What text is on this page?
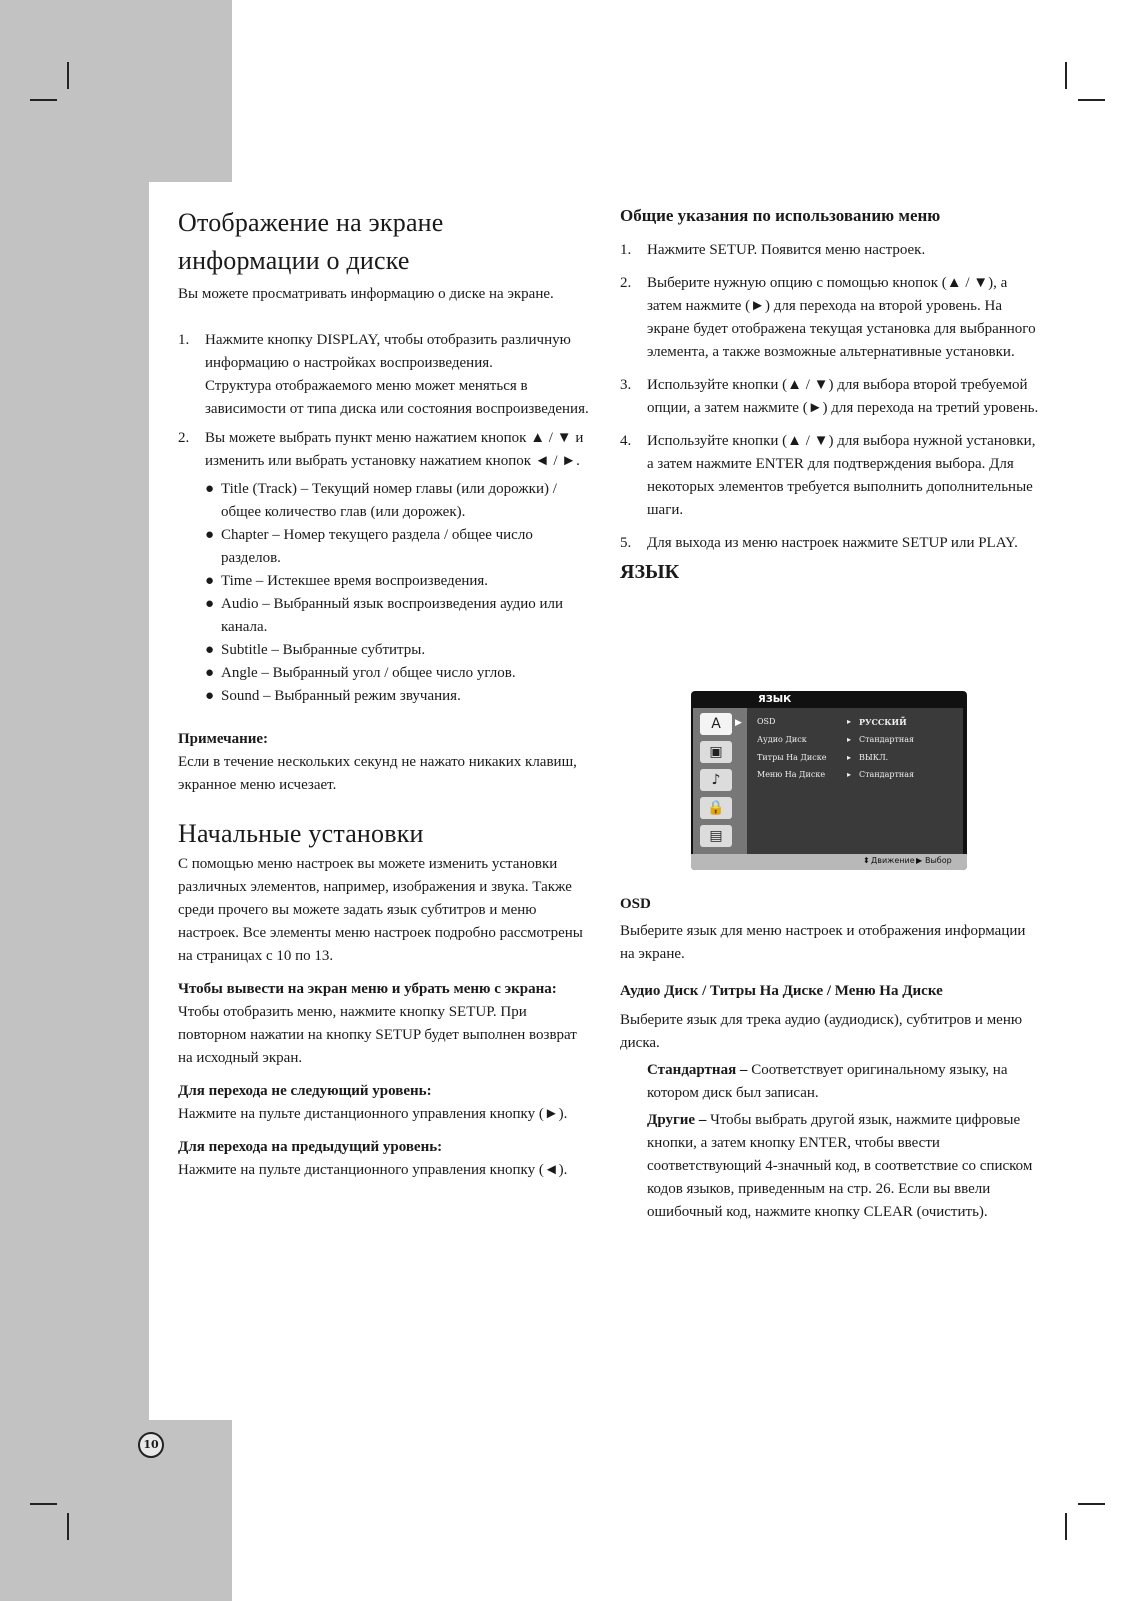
Отображение на экране
информации о диске

Вы можете просматривать информацию о диске на экране.

1. Нажмите кнопку DISPLAY, чтобы отобразить различную информацию о настройках воспроизведения.

Структура отображаемого меню может меняться в зависимости от типа диска или состояния воспроизведения.

2. Вы можете выбрать пункт меню нажатием кнопок ▲ / ▼ и изменить или выбрать установку нажатием кнопок ◄ / ►.

● Title (Track) – Текущий номер главы (или дорожки) / общее количество глав (или дорожек).
● Chapter – Номер текущего раздела / общее число разделов.
● Time – Истекшее время воспроизведения.
● Audio – Выбранный язык воспроизведения аудио или канала.
● Subtitle – Выбранные субтитры.
● Angle – Выбранный угол / общее число углов.
● Sound – Выбранный режим звучания.
Примечание:

Если в течение нескольких секунд не нажато никаких клавиш, экранное меню исчезает.

Начальные установки

С помощью меню настроек вы можете изменить установки различных элементов, например, изображения и звука. Также среди прочего вы можете задать язык субтитров и меню настроек. Все элементы меню настроек подробно рассмотрены на страницах с 10 по 13.

Чтобы вывести на экран меню и убрать меню с экрана:

Чтобы отобразить меню, нажмите кнопку SETUP. При повторном нажатии на кнопку SETUP будет выполнен возврат на исходный экран.

Для перехода не следующий уровень:

Нажмите на пульте дистанционного управления кнопку (►).

Для перехода на предыдущий уровень:

Нажмите на пульте дистанционного управления кнопку (◄).

Общие указания по использованию меню
1. Нажмите SETUP. Появится меню настроек.

2. Выберите нужную опцию с помощью кнопок (▲ / ▼), а затем нажмите (►) для перехода на второй уровень. На экране будет отображена текущая установка для выбранного элемента, а также возможные альтернативные установки.

3. Используйте кнопки (▲ / ▼) для выбора второй требуемой опции, а затем нажмите (►) для перехода на третий уровень.

4. Используйте кнопки (▲ / ▼) для выбора нужной установки, а затем нажмите ENTER для подтверждения выбора. Для некоторых элементов требуется выполнить дополнительные шаги.

5. Для выхода из меню настроек нажмите SETUP или PLAY.

ЯЗЫК
ЯЗЫК
A	▶
▣
♪
🔒
▤
OSD	▸ РУССКИЙ
Аудио Диск	▸ Стандартная
Титры На Диске	▸ ВЫКЛ.
Меню На Диске	▸ Стандартная
⬍ Движение ▶ Выбор
OSD

Выберите язык для меню настроек и отображения информации на экране.

Аудио Диск / Титры На Диске / Меню На Диске

Выберите язык для трека аудио (аудиодиск), субтитров и меню диска.

Стандартная – Соответствует оригинальному языку, на котором диск был записан.

Другие – Чтобы выбрать другой язык, нажмите цифровые кнопки, а затем кнопку ENTER, чтобы ввести соответствующий 4-значный код, в соответствие со списком кодов языков, приведенным на стр. 26. Если вы ввели ошибочный код, нажмите кнопку CLEAR (очистить).

10
